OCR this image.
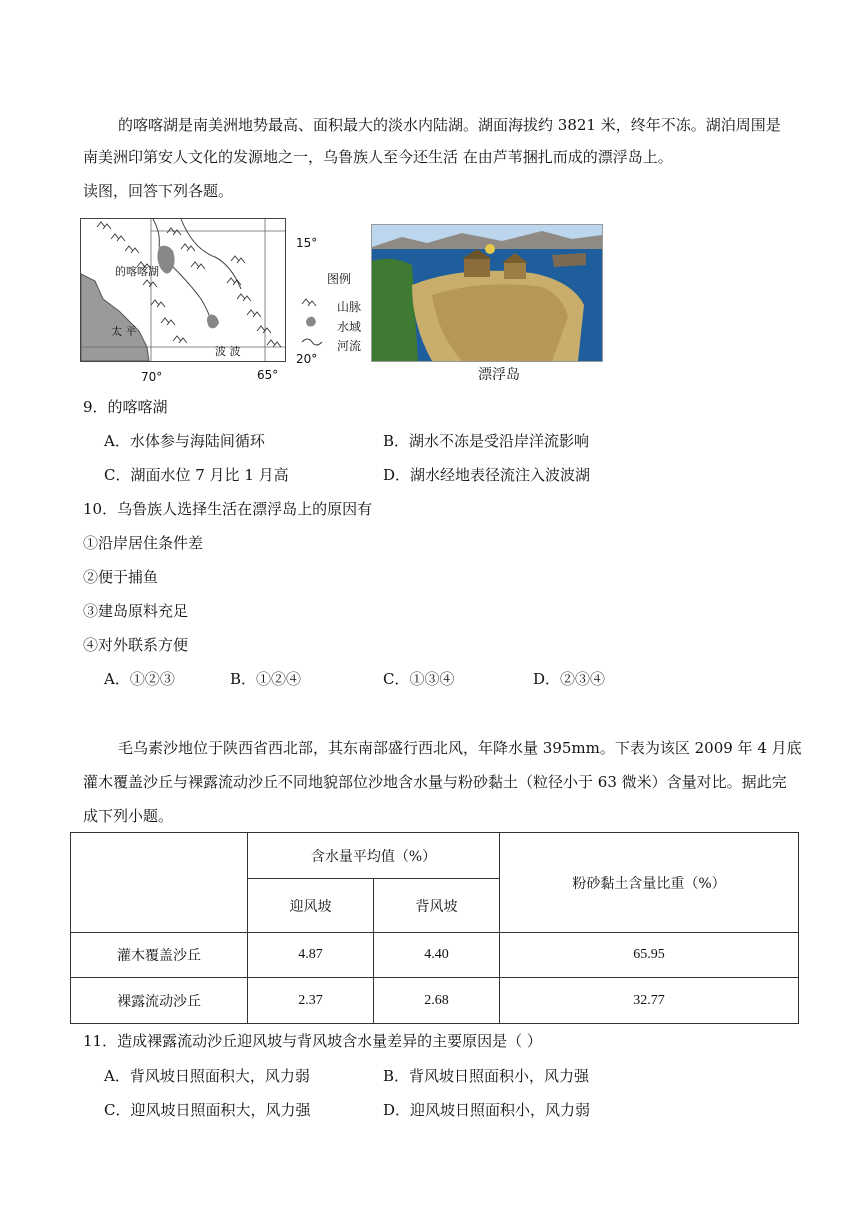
的喀喀湖是南美洲地势最高、面积最大的淡水内陆湖。湖面海拔约 3821 米，终年不冻。湖泊周围是
南美洲印第安人文化的发源地之一，乌鲁族人至今还生活 在由芦苇捆扎而成的漂浮岛上。
读图，回答下列各题。
的喀喀湖
太 平
波 波
15°
20°
70°	65°
图例
山脉
水域
河流
漂浮岛
9．的喀喀湖
A．水体参与海陆间循环	B．湖水不冻是受沿岸洋流影响
C．湖面水位 7 月比 1 月高	D．湖水经地表径流注入波波湖
10．乌鲁族人选择生活在漂浮岛上的原因有
①沿岸居住条件差
②便于捕鱼
③建岛原料充足
④对外联系方便
A．①②③	B．①②④	C．①③④	D．②③④
毛乌素沙地位于陕西省西北部，其东南部盛行西北风，年降水量 395mm。下表为该区 2009 年 4 月底
灌木覆盖沙丘与裸露流动沙丘不同地貌部位沙地含水量与粉砂黏土（粒径小于 63 微米）含量对比。据此完
成下列小题。
	含水量平均值（%）		粉砂黏土含量比重（%）
	迎风坡	背风坡	
灌木覆盖沙丘	4.87	4.40	65.95
裸露流动沙丘	2.37	2.68	32.77
11．造成裸露流动沙丘迎风坡与背风坡含水量差异的主要原因是（ ）
A．背风坡日照面积大，风力弱	B．背风坡日照面积小，风力强
C．迎风坡日照面积大，风力强	D．迎风坡日照面积小，风力弱
